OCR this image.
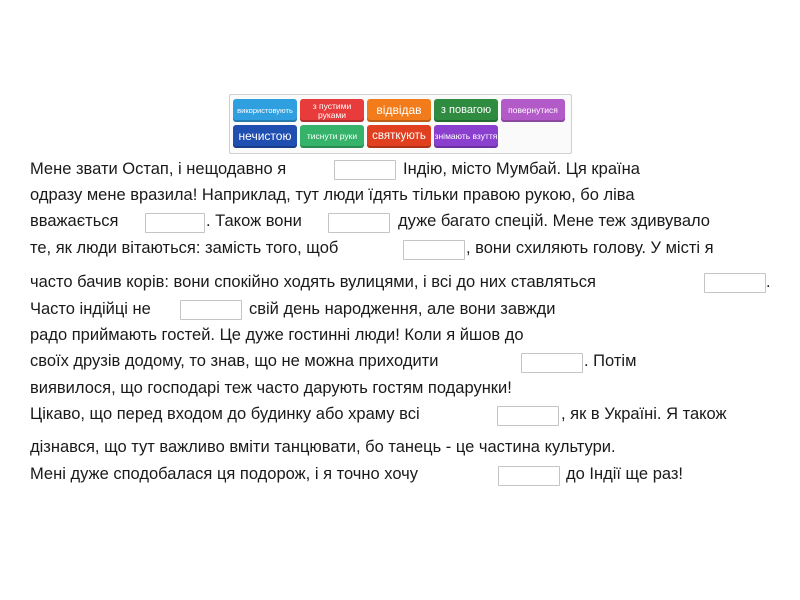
використовують	з пустими руками	відвідав з повагою повернутися
нечистою тиснути руки святкують знімають взуття
Мене звати Остап, і нещодавно я	Індію, місто Мумбай. Ця країна
одразу мене вразила! Наприклад, тут люди їдять тільки правою рукою, бо ліва
вважається	. Також вони	дуже багато спецій. Мене теж здивувало
те, як люди вітаються: замість того, щоб	, вони схиляють голову. У місті я
часто бачив корів: вони спокійно ходять вулицями, і всі до них ставляться	.
Часто індійці не	свій день народження, але вони завжди
радо приймають гостей. Це дуже гостинні люди! Коли я йшов до
своїх друзів додому, то знав, що не можна приходити	. Потім
виявилося, що господарі теж часто дарують гостям подарунки!
Цікаво, що перед входом до будинку або храму всі	, як в Україні. Я також
дізнався, що тут важливо вміти танцювати, бо танець - це частина культури.
Мені дуже сподобалася ця подорож, і я точно хочу	до Індії ще раз!
